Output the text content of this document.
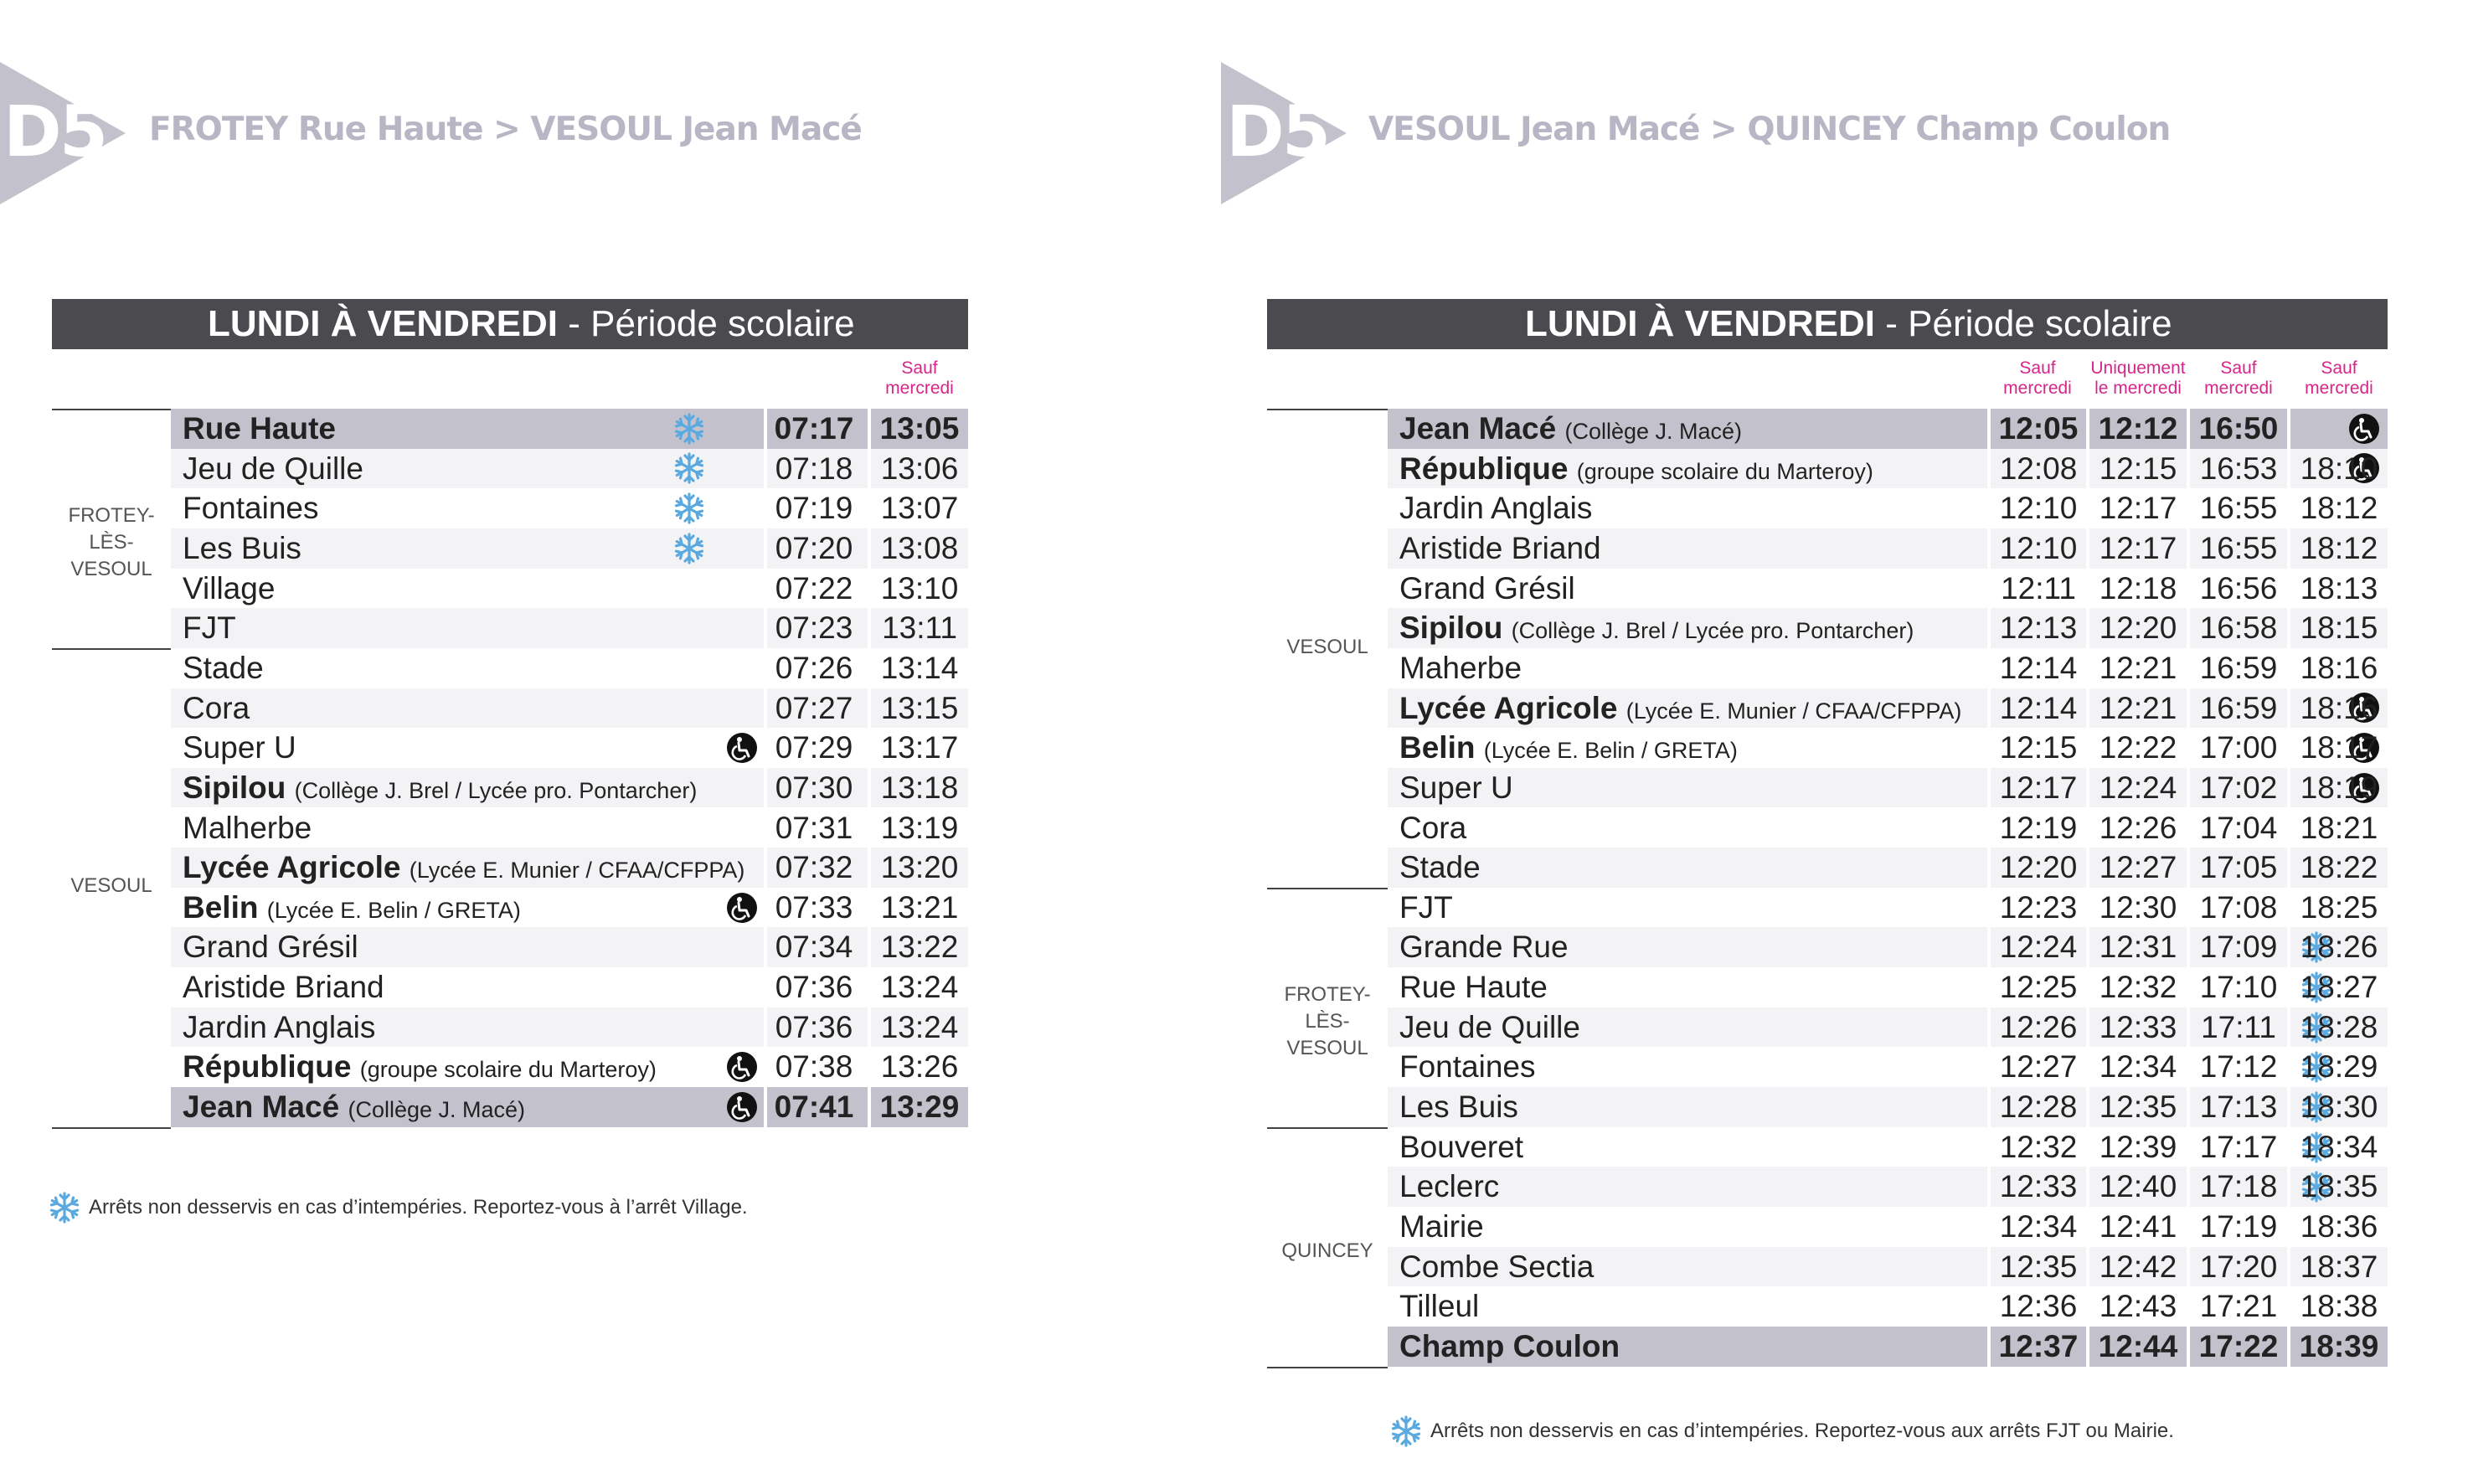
D5 FROTEY Rue Haute > VESOUL Jean Macé
LUNDI À VENDREDI - Période scolaire
Sauf mercredi
Rue Haute	07:17 13:05
Jeu de Quille	07:18 13:06
Fontaines	07:19 13:07
Les Buis	07:20 13:08
Village	07:22 13:10
FJT	07:23 13:11
Stade	07:26 13:14
Cora	07:27 13:15
Super U	07:29 13:17
Sipilou (Collège J. Brel / Lycée pro. Pontarcher)	07:30 13:18
Malherbe	07:31 13:19
Lycée Agricole (Lycée E. Munier / CFAA/CFPPA) 07:32 13:20
Belin (Lycée E. Belin / GRETA)	07:33 13:21
Grand Grésil	07:34 13:22
Aristide Briand	07:36 13:24
Jardin Anglais	07:36 13:24
République (groupe scolaire du Marteroy)	07:38 13:26
Jean Macé (Collège J. Macé)	07:41 13:29
FROTEY-LÈS-VESOUL
VESOUL
Arrêts non desservis en cas d’intempéries. Reportez-vous à l’arrêt Village.
D5 VESOUL Jean Macé > QUINCEY Champ Coulon
LUNDI À VENDREDI - Période scolaire
Sauf mercredi
Uniquement le mercredi
Sauf mercredi
Sauf mercredi
Jean Macé (Collège J. Macé)	12:05 12:12 16:50
République (groupe scolaire du Marteroy)	12:08 12:15 16:53 18:10
Jardin Anglais	12:10 12:17 16:55 18:12
Aristide Briand	12:10 12:17 16:55 18:12
Grand Grésil	12:11 12:18 16:56 18:13
Sipilou (Collège J. Brel / Lycée pro. Pontarcher)	12:13 12:20 16:58 18:15
Maherbe	12:14 12:21 16:59 18:16
Lycée Agricole (Lycée E. Munier / CFAA/CFPPA) 12:14 12:21 16:59 18:16
Belin (Lycée E. Belin / GRETA)	12:15 12:22 17:00 18:17
Super U	12:17 12:24 17:02 18:19
Cora	12:19 12:26 17:04 18:21
Stade	12:20 12:27 17:05 18:22
FJT	12:23 12:30 17:08 18:25
Grande Rue	12:24 12:31 17:09 18:26
Rue Haute	12:25 12:32 17:10 18:27
Jeu de Quille	12:26 12:33 17:11 18:28
Fontaines	12:27 12:34 17:12 18:29
Les Buis	12:28 12:35 17:13 18:30
Bouveret	12:32 12:39 17:17 18:34
Leclerc	12:33 12:40 17:18 18:35
Mairie	12:34 12:41 17:19 18:36
Combe Sectia	12:35 12:42 17:20 18:37
Tilleul	12:36 12:43 17:21 18:38
Champ Coulon	12:37 12:44 17:22 18:39
VESOUL
FROTEY-LÈS-VESOUL
QUINCEY
Arrêts non desservis en cas d’intempéries. Reportez-vous aux arrêts FJT ou Mairie.
